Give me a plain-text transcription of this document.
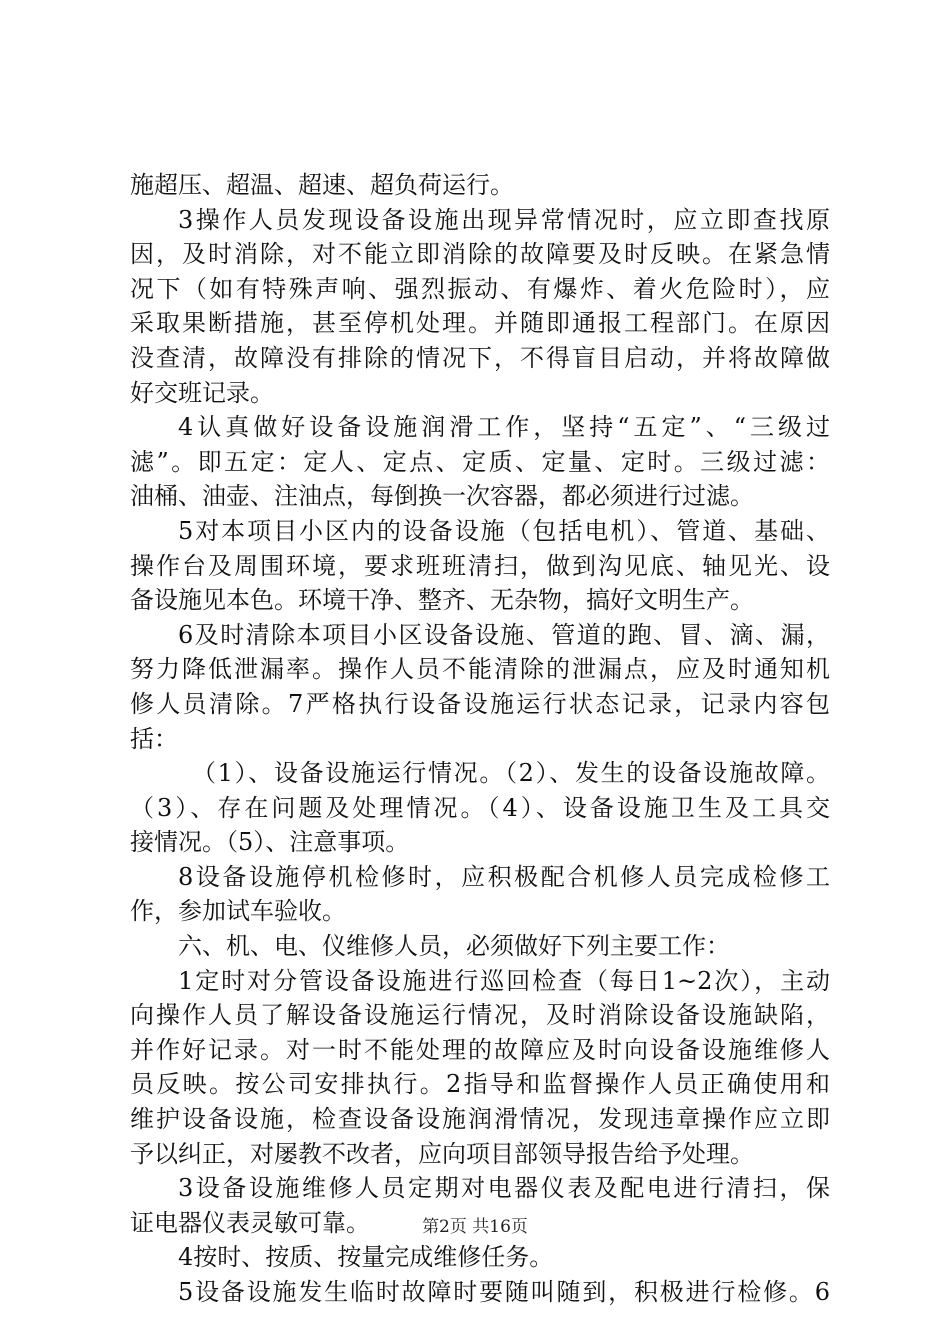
施超压、超温、超速、超负荷运行。
3操作人员发现设备设施出现异常情况时，应立即查找原
因，及时消除，对不能立即消除的故障要及时反映。在紧急情
况下（如有特殊声响、强烈振动、有爆炸、着火危险时），应
采取果断措施，甚至停机处理。并随即通报工程部门。在原因
没查清，故障没有排除的情况下，不得盲目启动，并将故障做
好交班记录。
4认真做好设备设施润滑工作，坚持“五定”、“三级过
滤”。即五定：定人、定点、定质、定量、定时。三级过滤：
油桶、油壶、注油点，每倒换一次容器，都必须进行过滤。
5对本项目小区内的设备设施（包括电机）、管道、基础、
操作台及周围环境，要求班班清扫，做到沟见底、轴见光、设
备设施见本色。环境干净、整齐、无杂物，搞好文明生产。
6及时清除本项目小区设备设施、管道的跑、冒、滴、漏，
努力降低泄漏率。操作人员不能清除的泄漏点，应及时通知机
修人员清除。7严格执行设备设施运行状态记录，记录内容包
括：
（1）、设备设施运行情况。（2）、发生的设备设施故障。
（3）、存在问题及处理情况。（4）、设备设施卫生及工具交
接情况。（5）、注意事项。
8设备设施停机检修时，应积极配合机修人员完成检修工
作，参加试车验收。
六、机、电、仪维修人员，必须做好下列主要工作：
1定时对分管设备设施进行巡回检查（每日1~2次），主动
向操作人员了解设备设施运行情况，及时消除设备设施缺陷，
并作好记录。对一时不能处理的故障应及时向设备设施维修人
员反映。按公司安排执行。2指导和监督操作人员正确使用和
维护设备设施，检查设备设施润滑情况，发现违章操作应立即
予以纠正，对屡教不改者，应向项目部领导报告给予处理。
3设备设施维修人员定期对电器仪表及配电进行清扫，保
证电器仪表灵敏可靠。
4按时、按质、按量完成维修任务。
5设备设施发生临时故障时要随叫随到，积极进行检修。6
第2页 共16页
